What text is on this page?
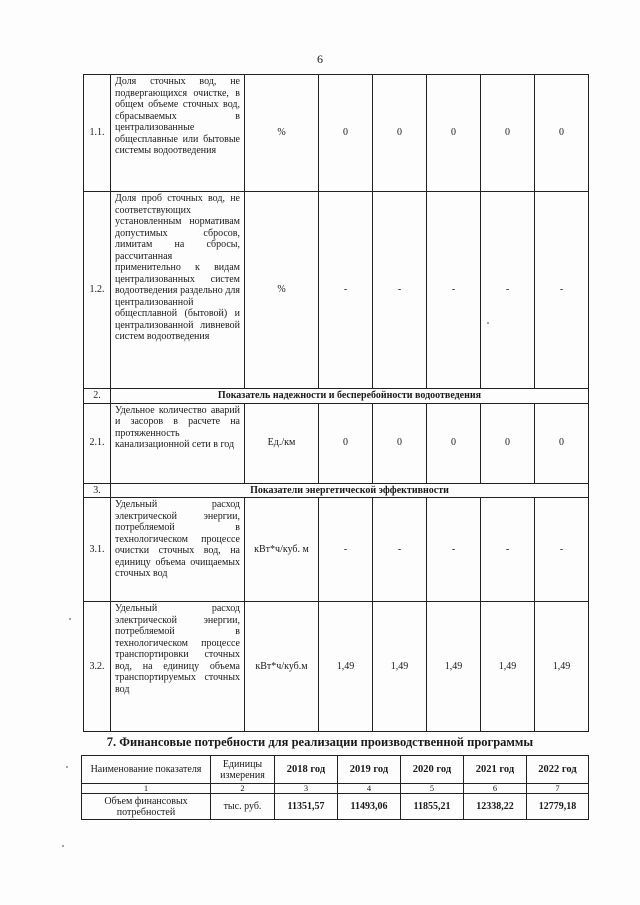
6
1.1.	Доля сточных вод, не подвергающихся очистке, в общем объеме сточных вод, сбрасываемых в централизованные общесплавные или бытовые системы водоотведения	%	0	0	0	0	0
1.2.	Доля проб сточных вод, не соответствующих установленным нормативам допустимых сбросов, лимитам на сбросы, рассчитанная применительно к видам централизованных систем водоотведения раздельно для централизованной общесплавной (бытовой) и централизованной ливневой систем водоотведения	%	-	-	-	-	-
2.	Показатель надежности и бесперебойности водоотведения						
2.1.	Удельное количество аварий и засоров в расчете на протяженность канализационной сети в год	Ед./км	0	0	0	0	0
3.	Показатели энергетической эффективности						
3.1.	Удельный расход электрической энергии, потребляемой в технологическом процессе очистки сточных вод, на единицу объема очищаемых сточных вод	кВт*ч/куб. м	-	-	-	-	-
3.2.	Удельный расход электрической энергии, потребляемой в технологическом процессе транспортировки сточных вод, на единицу объема транспортируемых сточных вод	кВт*ч/куб.м	1,49	1,49	1,49	1,49	1,49
7. Финансовые потребности для реализации производственной программы
Наименование показателя	Единицы измерения	2018 год	2019 год	2020 год	2021 год	2022 год
1	2	3	4	5	6	7
Объем финансовых потребностей	тыс. руб.	11351,57	11493,06	11855,21	12338,22	12779,18
